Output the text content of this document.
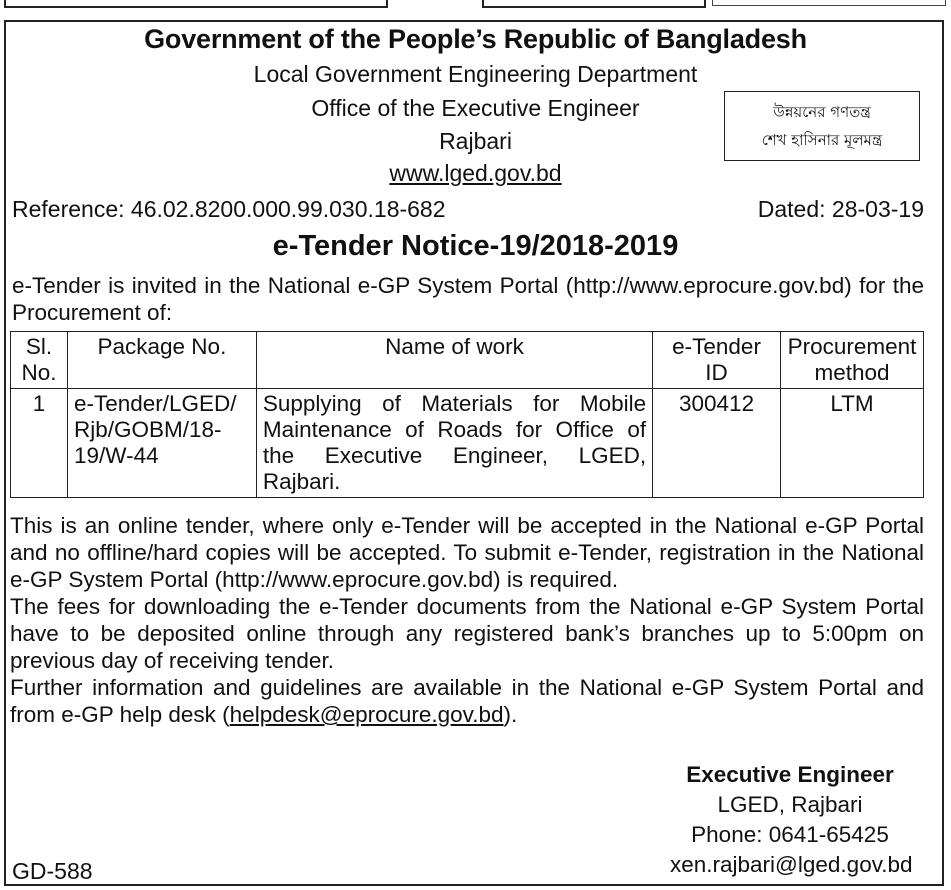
Government of the People’s Republic of Bangladesh
Local Government Engineering Department
Office of the Executive Engineer
Rajbari
www.lged.gov.bd
উন্নয়নের গণতন্ত্র
শেখ হাসিনার মূলমন্ত্র
Reference: 46.02.8200.000.99.030.18-682	Dated: 28-03-19
e-Tender Notice-19/2018-2019
e-Tender is invited in the National e-GP System Portal (http://www.eprocure.gov.bd) for the Procurement of:
Sl. No.	Package No.	Name of work	e-Tender ID	Procurement method
1	e-Tender/LGED/ Rjb/GOBM/18-19/W-44	Supplying of Materials for Mobile Maintenance of Roads for Office of the Executive Engineer, LGED, Rajbari.	300412	LTM
This is an online tender, where only e-Tender will be accepted in the National e-GP Portal and no offline/hard copies will be accepted. To submit e-Tender, registration in the National e-GP System Portal (http://www.eprocure.gov.bd) is required.
The fees for downloading the e-Tender documents from the National e-GP System Portal have to be deposited online through any registered bank’s branches up to 5:00pm on previous day of receiving tender.
Further information and guidelines are available in the National e-GP System Portal and from e-GP help desk (helpdesk@eprocure.gov.bd).
Executive Engineer
LGED, Rajbari
Phone: 0641-65425
xen.rajbari@lged.gov.bd
GD-588
